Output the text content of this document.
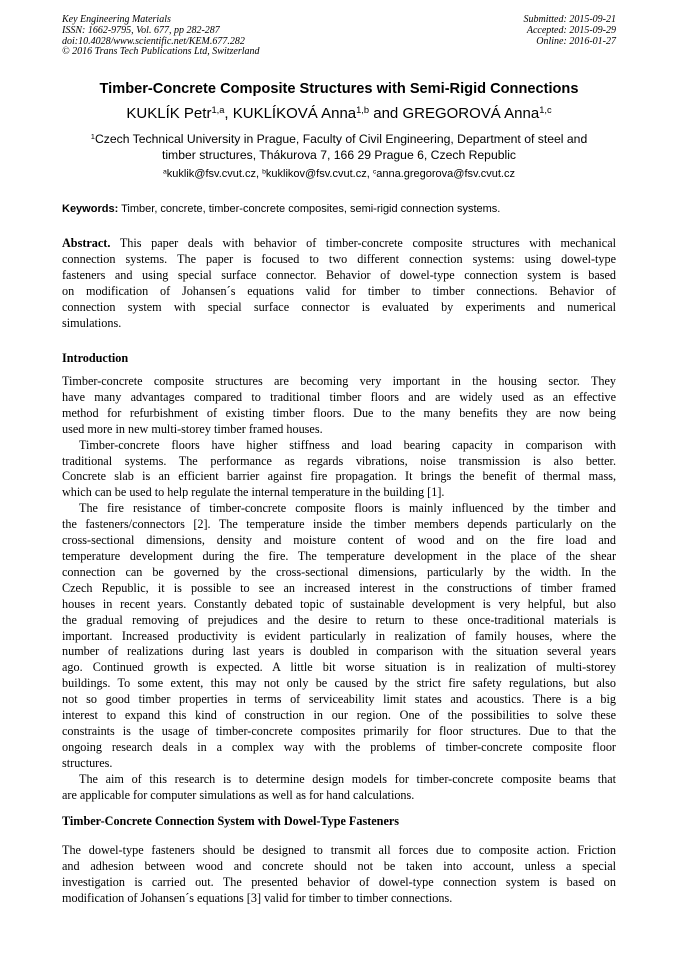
Key Engineering Materials
ISSN: 1662-9795, Vol. 677, pp 282-287
doi:10.4028/www.scientific.net/KEM.677.282
© 2016 Trans Tech Publications Ltd, Switzerland
Submitted: 2015-09-21
Accepted: 2015-09-29
Online: 2016-01-27
Timber-Concrete Composite Structures with Semi-Rigid Connections
KUKLÍK Petr$^{1,a}$, KUKLÍKOVÁ Anna$^{1,b}$ and GREGOROVÁ Anna$^{1,c}$
$^1$Czech Technical University in Prague, Faculty of Civil Engineering, Department of steel and
timber structures, Thákurova 7, 166 29 Prague 6, Czech Republic
$^a$kuklik@fsv.cvut.cz, $^b$kuklikov@fsv.cvut.cz, $^c$anna.gregorova@fsv.cvut.cz
Keywords: Timber, concrete, timber-concrete composites, semi-rigid connection systems.

Abstract. This paper deals with behavior of timber-concrete composite structures with mechanical

connection systems. The paper is focused to two different connection systems: using dowel-type

fasteners and using special surface connector. Behavior of dowel-type connection system is based

on modification of Johansen´s equations valid for timber to timber connections. Behavior of

connection system with special surface connector is evaluated by experiments and numerical

simulations.

Introduction

Timber-concrete composite structures are becoming very important in the housing sector. They

have many advantages compared to traditional timber floors and are widely used as an effective

method for refurbishment of existing timber floors. Due to the many benefits they are now being

used more in new multi-storey timber framed houses.

Timber-concrete floors have higher stiffness and load bearing capacity in comparison with

traditional systems. The performance as regards vibrations, noise transmission is also better.

Concrete slab is an efficient barrier against fire propagation. It brings the benefit of thermal mass,

which can be used to help regulate the internal temperature in the building [1].

The fire resistance of timber-concrete composite floors is mainly influenced by the timber and

the fasteners/connectors [2]. The temperature inside the timber members depends particularly on the

cross-sectional dimensions, density and moisture content of wood and on the fire load and

temperature development during the fire. The temperature development in the place of the shear

connection can be governed by the cross-sectional dimensions, particularly by the width. In the

Czech Republic, it is possible to see an increased interest in the constructions of timber framed

houses in recent years. Constantly debated topic of sustainable development is very helpful, but also

the gradual removing of prejudices and the desire to return to these once-traditional materials is

important. Increased productivity is evident particularly in realization of family houses, where the

number of realizations during last years is doubled in comparison with the situation several years

ago. Continued growth is expected. A little bit worse situation is in realization of multi-storey

buildings. To some extent, this may not only be caused by the strict fire safety regulations, but also

not so good timber properties in terms of serviceability limit states and acoustics. There is a big

interest to expand this kind of construction in our region. One of the possibilities to solve these

constraints is the usage of timber-concrete composites primarily for floor structures. Due to that the

ongoing research deals in a complex way with the problems of timber-concrete composite floor

structures.

The aim of this research is to determine design models for timber-concrete composite beams that

are applicable for computer simulations as well as for hand calculations.

Timber-Concrete Connection System with Dowel-Type Fasteners

The dowel-type fasteners should be designed to transmit all forces due to composite action. Friction

and adhesion between wood and concrete should not be taken into account, unless a special

investigation is carried out. The presented behavior of dowel-type connection system is based on

modification of Johansen´s equations [3] valid for timber to timber connections.
